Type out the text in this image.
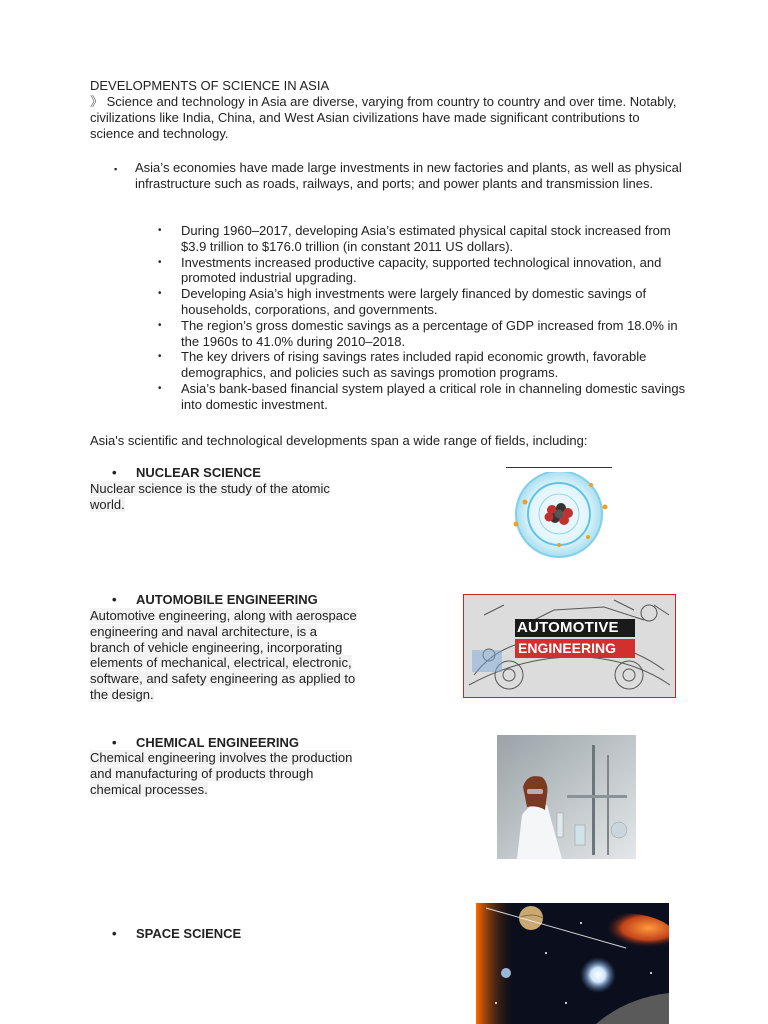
DEVELOPMENTS OF SCIENCE IN ASIA
》 Science and technology in Asia are diverse, varying from country to country and over time. Notably, civilizations like India, China, and West Asian civilizations have made significant contributions to science and technology.
▪ Asia’s economies have made large investments in new factories and plants, as well as physical infrastructure such as roads, railways, and ports; and power plants and transmission lines.
• During 1960–2017, developing Asia’s estimated physical capital stock increased from $3.9 trillion to $176.0 trillion (in constant 2011 US dollars).
• Investments increased productive capacity, supported technological innovation, and promoted industrial upgrading.
• Developing Asia’s high investments were largely financed by domestic savings of households, corporations, and governments.
• The region’s gross domestic savings as a percentage of GDP increased from 18.0% in the 1960s to 41.0% during 2010–2018.
• The key drivers of rising savings rates included rapid economic growth, favorable demographics, and policies such as savings promotion programs.
• Asia’s bank-based financial system played a critical role in channeling domestic savings into domestic investment.
Asia's scientific and technological developments span a wide range of fields, including:
• NUCLEAR SCIENCE
Nuclear science is the study of the atomic world.
• AUTOMOBILE ENGINEERING
Automotive engineering, along with aerospace engineering and naval architecture, is a branch of vehicle engineering, incorporating elements of mechanical, electrical, electronic, software, and safety engineering as applied to the design.
AUTOMOTIVE
ENGINEERING
• CHEMICAL ENGINEERING
Chemical engineering involves the production and manufacturing of products through chemical processes.
• SPACE SCIENCE
